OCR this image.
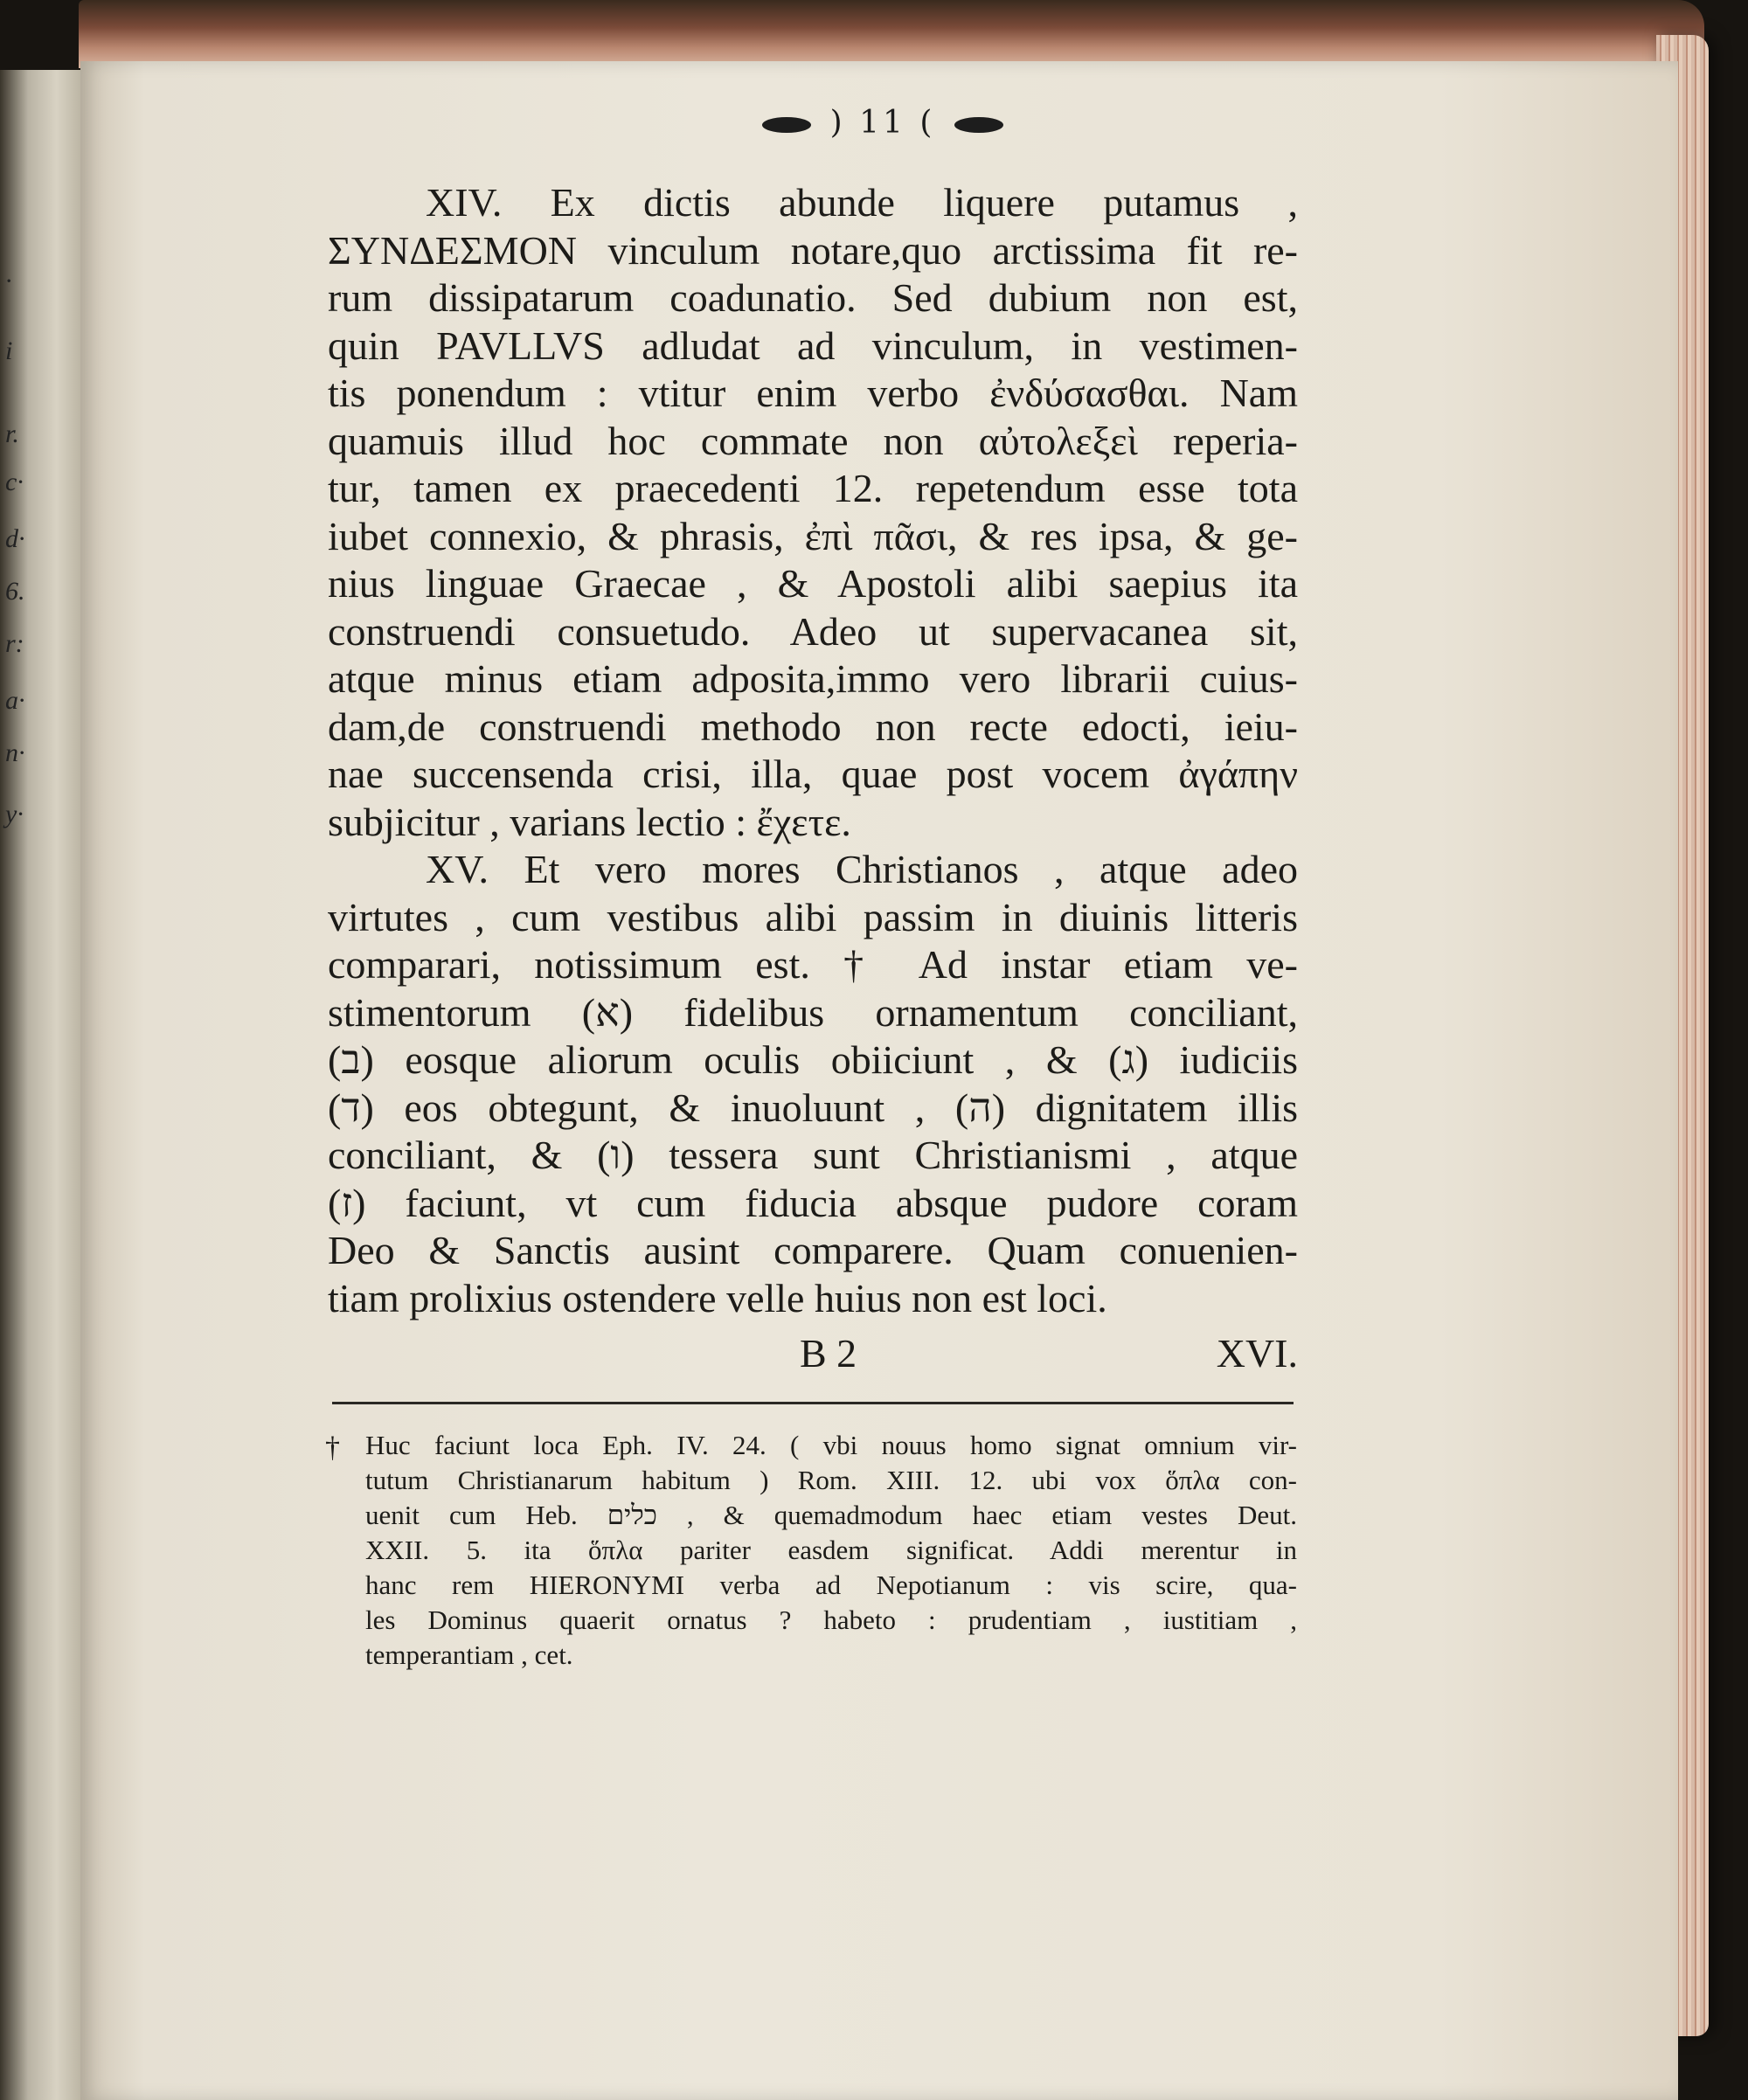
·
i
r.
c·
d·
6.
r:
a·
n·
y·
) 11 (
XIV. Ex dictis abunde liquere putamus ,
ΣΥΝΔΕΣΜΟΝ vinculum notare,quo arctissima fit re-
rum dissipatarum coadunatio. Sed dubium non est,
quin PAVLLVS adludat ad vinculum, in vestimen-
tis ponendum : vtitur enim verbo ἐνδύσασθαι. Nam
quamuis illud hoc commate non αὐτολεξεὶ reperia-
tur, tamen ex praecedenti 12. repetendum esse tota
iubet connexio, & phrasis, ἐπὶ πᾶσι, & res ipsa, & ge-
nius linguae Graecae , & Apostoli alibi saepius ita
construendi consuetudo. Adeo ut supervacanea sit,
atque minus etiam adposita,immo vero librarii cuius-
dam,de construendi methodo non recte edocti, ieiu-
nae succensenda crisi, illa, quae post vocem ἀγάπην
subjicitur , varians lectio : ἔχετε.
XV. Et vero mores Christianos , atque adeo
virtutes , cum vestibus alibi passim in diuinis litteris
comparari, notissimum est. † Ad instar etiam ve-
stimentorum (א) fidelibus ornamentum conciliant,
(ב) eosque aliorum oculis obiiciunt , & (ג) iudiciis
(ד) eos obtegunt, & inuoluunt , (ה) dignitatem illis
conciliant, & (ו) tessera sunt Christianismi , atque
(ז) faciunt, vt cum fiducia absque pudore coram
Deo & Sanctis ausint comparere. Quam conuenien-
tiam prolixius ostendere velle huius non est loci.
B 2	XVI.
† Huc faciunt loca Eph. IV. 24. ( vbi nouus homo signat omnium vir-
tutum Christianarum habitum ) Rom. XIII. 12. ubi vox ὅπλα con-
uenit cum Heb. כלים , & quemadmodum haec etiam vestes Deut.
XXII. 5. ita ὅπλα pariter easdem significat. Addi merentur in
hanc rem HIERONYMI verba ad Nepotianum : vis scire, qua-
les Dominus quaerit ornatus ? habeto : prudentiam , iustitiam ,
temperantiam , cet.
